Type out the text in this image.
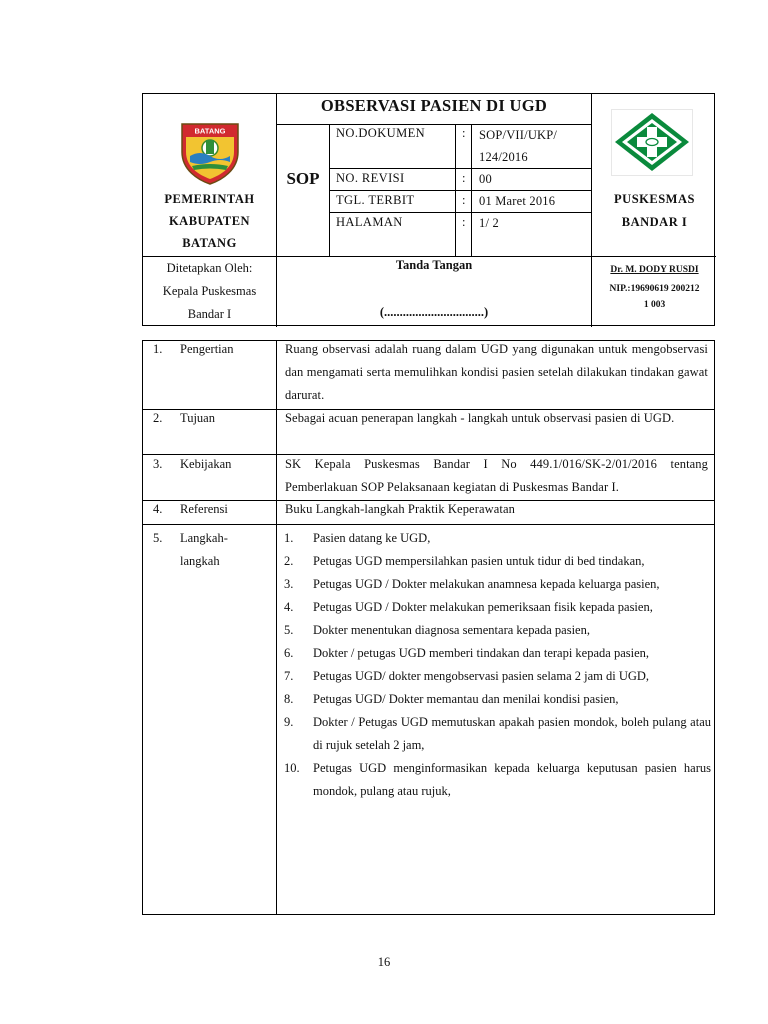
BATANG
PEMERINTAH
KABUPATEN
BATANG
OBSERVASI PASIEN DI UGD
SOP
NO.DOKUMEN	: SOP/VII/UKP/
124/2016
NO. REVISI	: 00
TGL. TERBIT	: 01 Maret 2016
HALAMAN	: 1/ 2
PUSKESMAS
BANDAR I
Ditetapkan Oleh:
Kepala Puskesmas
Bandar I
Tanda Tangan
(................................)
Dr. M. DODY RUSDI
NIP.:19690619 200212
1 003
1. Pengertian	Ruang observasi adalah ruang dalam UGD yang digunakan untuk mengobservasi dan mengamati serta memulihkan kondisi pasien setelah dilakukan tindakan gawat darurat.
2. Tujuan	Sebagai acuan penerapan langkah - langkah untuk observasi pasien di UGD.
3. Kebijakan	SK Kepala Puskesmas Bandar I No 449.1/016/SK-2/01/2016 tentang Pemberlakuan SOP Pelaksanaan kegiatan di Puskesmas Bandar I.
4. Referensi	Buku Langkah-langkah Praktik Keperawatan
5. Langkah-
langkah
1. Pasien datang ke UGD,
2. Petugas UGD mempersilahkan pasien untuk tidur di bed tindakan,
3. Petugas UGD / Dokter melakukan anamnesa kepada keluarga pasien,
4. Petugas UGD / Dokter melakukan pemeriksaan fisik kepada pasien,
5. Dokter menentukan diagnosa sementara kepada pasien,
6. Dokter / petugas UGD memberi tindakan dan terapi kepada pasien,
7. Petugas UGD/ dokter mengobservasi pasien selama 2 jam di UGD,
8. Petugas UGD/ Dokter memantau dan menilai kondisi pasien,
9. Dokter / Petugas UGD memutuskan apakah pasien mondok, boleh pulang atau di rujuk setelah 2 jam,
10. Petugas UGD menginformasikan kepada keluarga keputusan pasien harus mondok, pulang atau rujuk,
16
